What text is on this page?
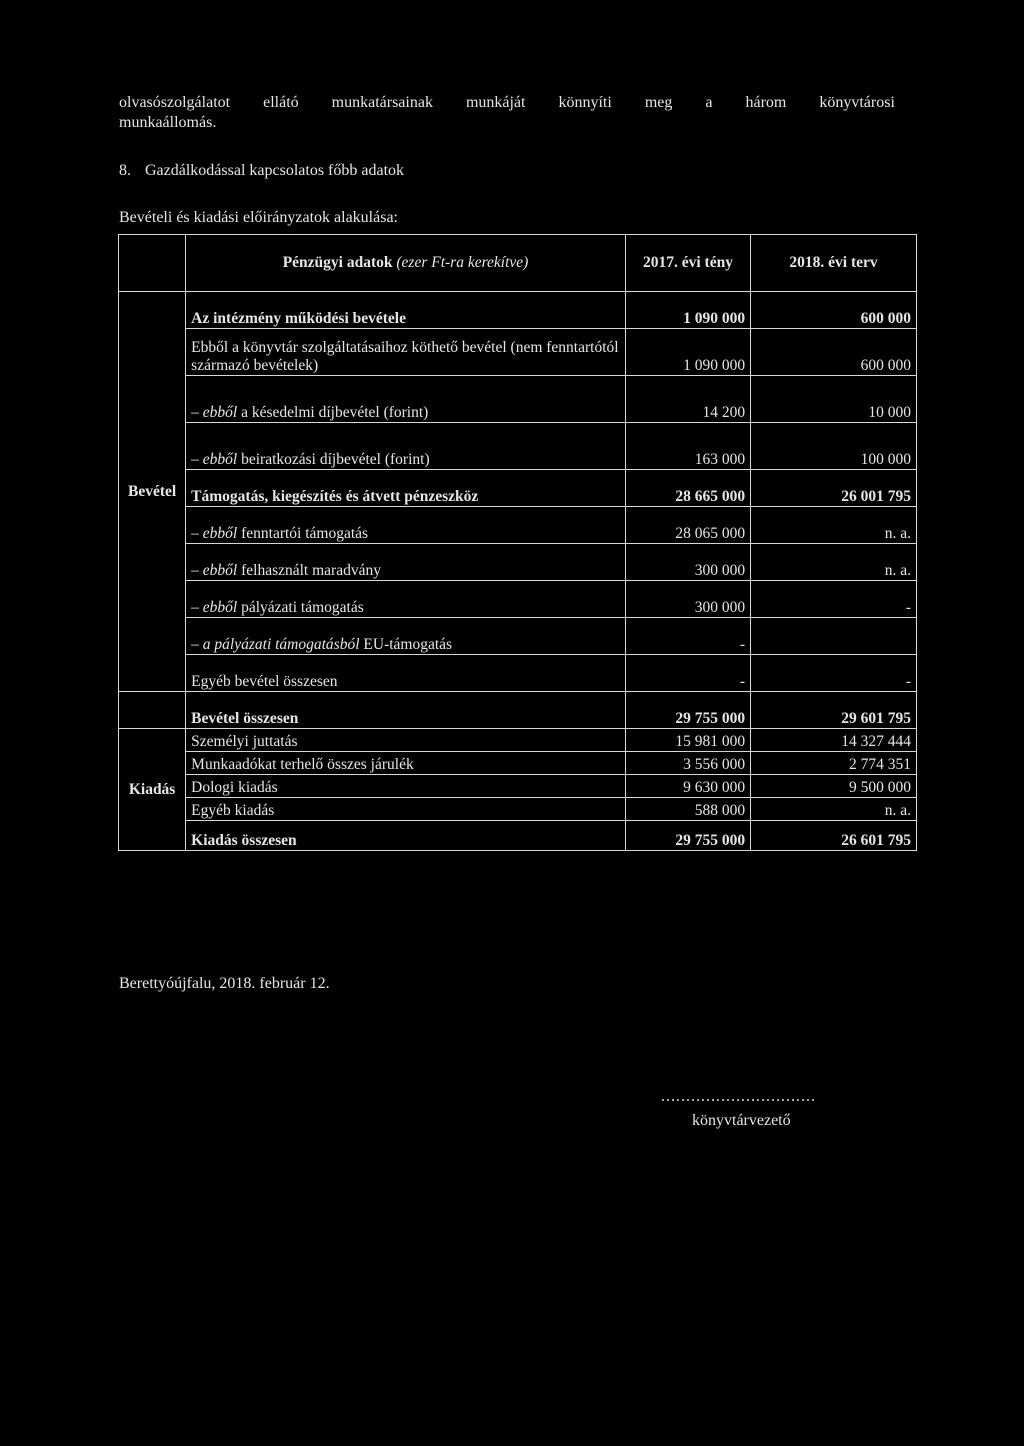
olvasószolgálatot ellátó munkatársainak munkáját könnyíti meg a három könyvtárosi
munkaállomás.
8. Gazdálkodással kapcsolatos főbb adatok
Bevételi és kiadási előirányzatok alakulása:
	Pénzügyi adatok (ezer Ft-ra kerekítve)	2017. évi tény	2018. évi terv
Bevétel	Az intézmény működési bevétele	1 090 000	600 000
	Ebből a könyvtár szolgáltatásaihoz köthető bevétel (nem fenntartótól származó bevételek)	1 090 000	600 000
	– ebből a késedelmi díjbevétel (forint)	14 200	10 000
	– ebből beiratkozási díjbevétel (forint)	163 000	100 000
	Támogatás, kiegészítés és átvett pénzeszköz	28 665 000	26 001 795
	– ebből fenntartói támogatás	28 065 000	n. a.
	– ebből felhasznált maradvány	300 000	n. a.
	– ebből pályázati támogatás	300 000	-
	– a pályázati támogatásból EU-támogatás	-	
	Egyéb bevétel összesen	-	-
	Bevétel összesen	29 755 000	29 601 795
Kiadás	Személyi juttatás	15 981 000	14 327 444
	Munkaadókat terhelő összes járulék	3 556 000	2 774 351
	Dologi kiadás	9 630 000	9 500 000
	Egyéb kiadás	588 000	n. a.
	Kiadás összesen	29 755 000	26 601 795
Berettyóújfalu, 2018. február 12.
...............................
könyvtárvezető
